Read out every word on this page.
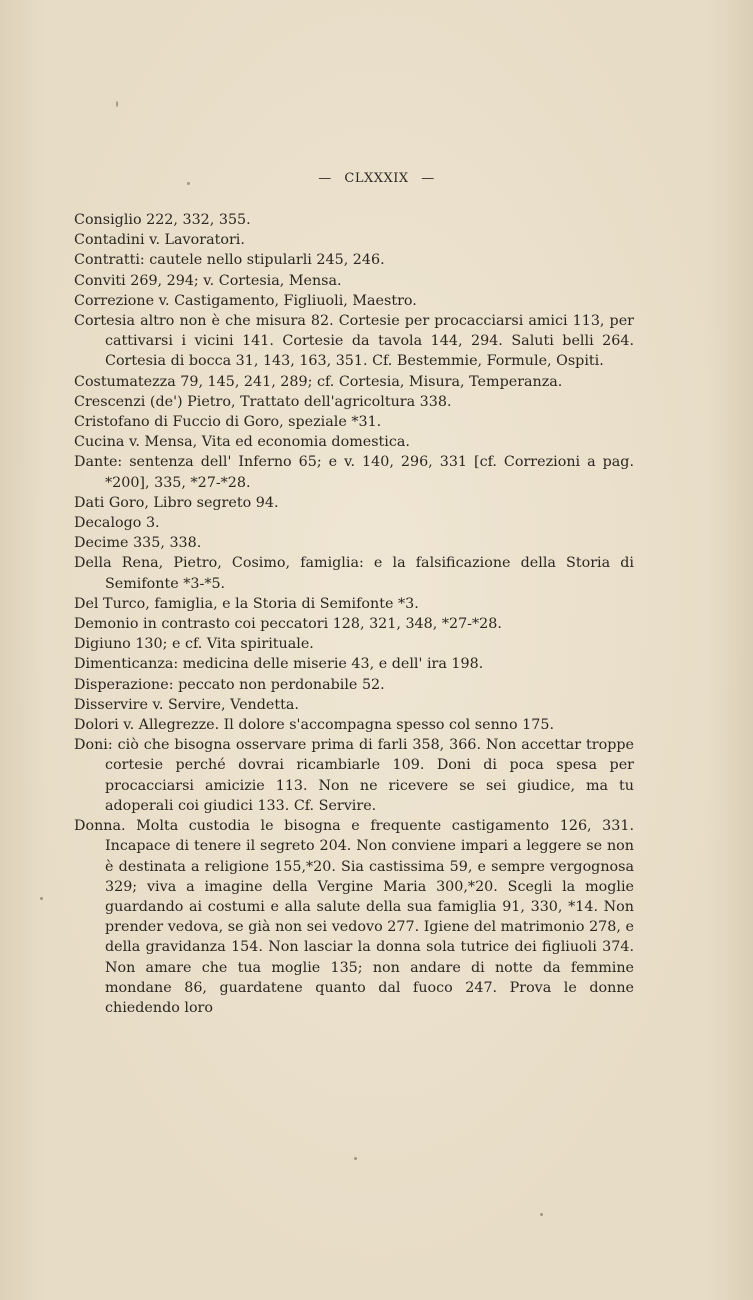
— CLXXXIX —

Consiglio 222, 332, 355.

Contadini v. Lavoratori.

Contratti: cautele nello stipularli 245, 246.

Conviti 269, 294; v. Cortesia, Mensa.

Correzione v. Castigamento, Figliuoli, Maestro.

Cortesia altro non è che misura 82. Cortesie per procacciarsi amici 113, per cattivarsi i vicini 141. Cortesie da tavola 144, 294. Saluti belli 264. Cortesia di bocca 31, 143, 163, 351. Cf. Bestemmie, Formule, Ospiti.

Costumatezza 79, 145, 241, 289; cf. Cortesia, Misura, Temperanza.

Crescenzi (de') Pietro, Trattato dell'agricoltura 338.

Cristofano di Fuccio di Goro, speziale *31.

Cucina v. Mensa, Vita ed economia domestica.

Dante: sentenza dell' Inferno 65; e v. 140, 296, 331 [cf. Correzioni a pag. *200], 335, *27-*28.

Dati Goro, Libro segreto 94.

Decalogo 3.

Decime 335, 338.

Della Rena, Pietro, Cosimo, famiglia: e la falsificazione della Storia di Semifonte *3-*5.

Del Turco, famiglia, e la Storia di Semifonte *3.

Demonio in contrasto coi peccatori 128, 321, 348, *27-*28.

Digiuno 130; e cf. Vita spirituale.

Dimenticanza: medicina delle miserie 43, e dell' ira 198.

Disperazione: peccato non perdonabile 52.

Disservire v. Servire, Vendetta.

Dolori v. Allegrezze. Il dolore s'accompagna spesso col senno 175.

Doni: ciò che bisogna osservare prima di farli 358, 366. Non accettar troppe cortesie perché dovrai ricambiarle 109. Doni di poca spesa per procacciarsi amicizie 113. Non ne ricevere se sei giudice, ma tu adoperali coi giudici 133. Cf. Servire.

Donna. Molta custodia le bisogna e frequente castigamento 126, 331. Incapace di tenere il segreto 204. Non conviene impari a leggere se non è destinata a religione 155,*20. Sia castissima 59, e sempre vergognosa 329; viva a imagine della Vergine Maria 300,*20. Scegli la moglie guardando ai costumi e alla salute della sua famiglia 91, 330, *14. Non prender vedova, se già non sei vedovo 277. Igiene del matrimonio 278, e della gravidanza 154. Non lasciar la donna sola tutrice dei figliuoli 374. Non amare che tua moglie 135; non andare di notte da femmine mondane 86, guardatene quanto dal fuoco 247. Prova le donne chiedendo loro
